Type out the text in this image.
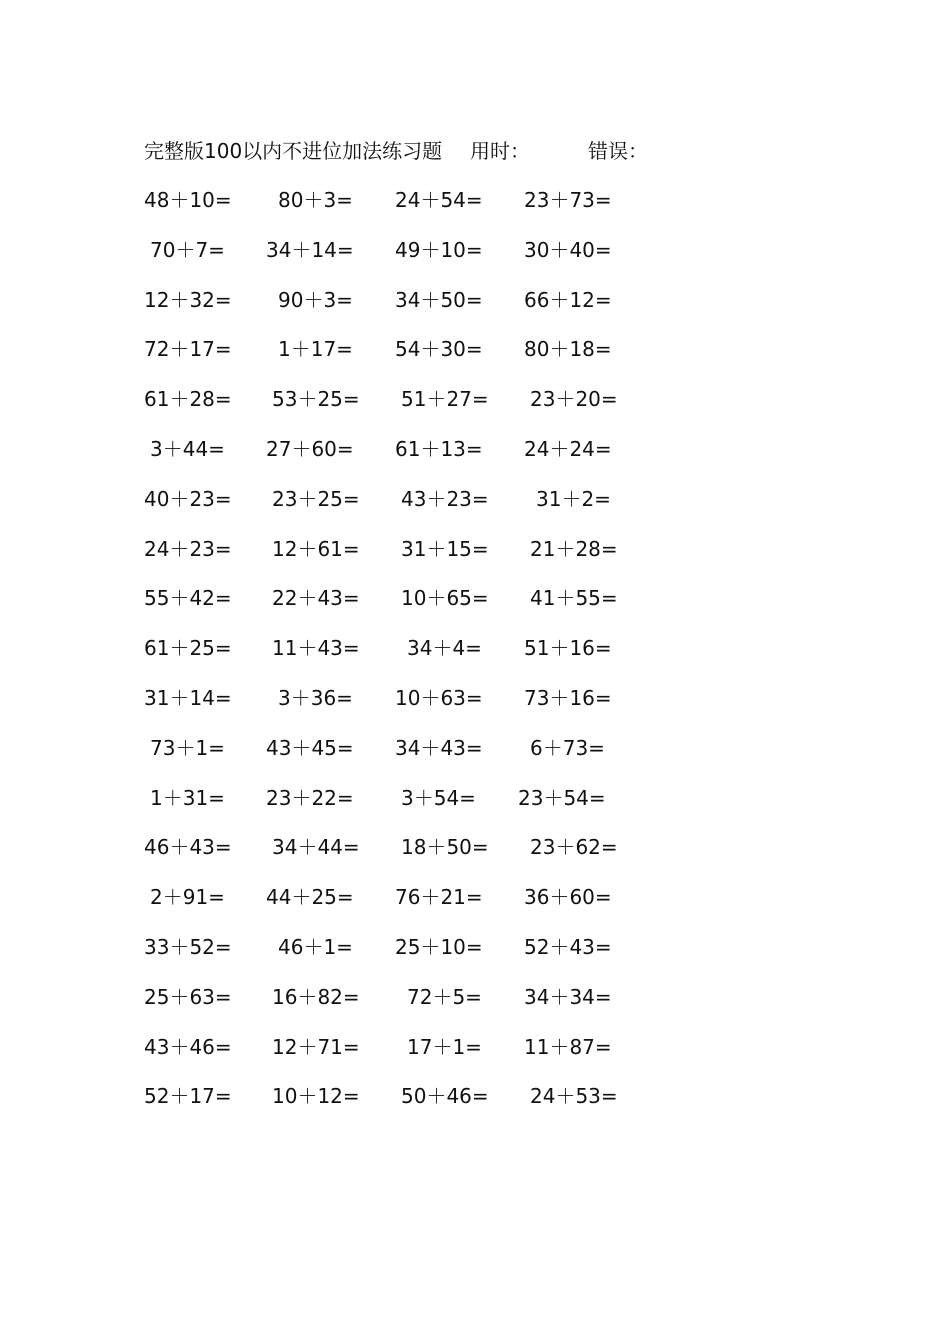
完整版100以内不进位加法练习题 用时：	错误：
48＋10= 80＋3= 24＋54= 23＋73=
70＋7= 34＋14= 49＋10= 30＋40=
12＋32= 90＋3= 34＋50= 66＋12=
72＋17= 1＋17= 54＋30= 80＋18=
61＋28= 53＋25= 51＋27= 23＋20=
3＋44= 27＋60= 61＋13= 24＋24=
40＋23= 23＋25= 43＋23= 31＋2=
24＋23= 12＋61= 31＋15= 21＋28=
55＋42= 22＋43= 10＋65= 41＋55=
61＋25= 11＋43= 34＋4= 51＋16=
31＋14= 3＋36= 10＋63= 73＋16=
73＋1= 43＋45= 34＋43= 6＋73=
1＋31= 23＋22= 3＋54= 23＋54=
46＋43= 34＋44= 18＋50= 23＋62=
2＋91= 44＋25= 76＋21= 36＋60=
33＋52= 46＋1= 25＋10= 52＋43=
25＋63= 16＋82= 72＋5= 34＋34=
43＋46= 12＋71= 17＋1= 11＋87=
52＋17= 10＋12= 50＋46= 24＋53=
